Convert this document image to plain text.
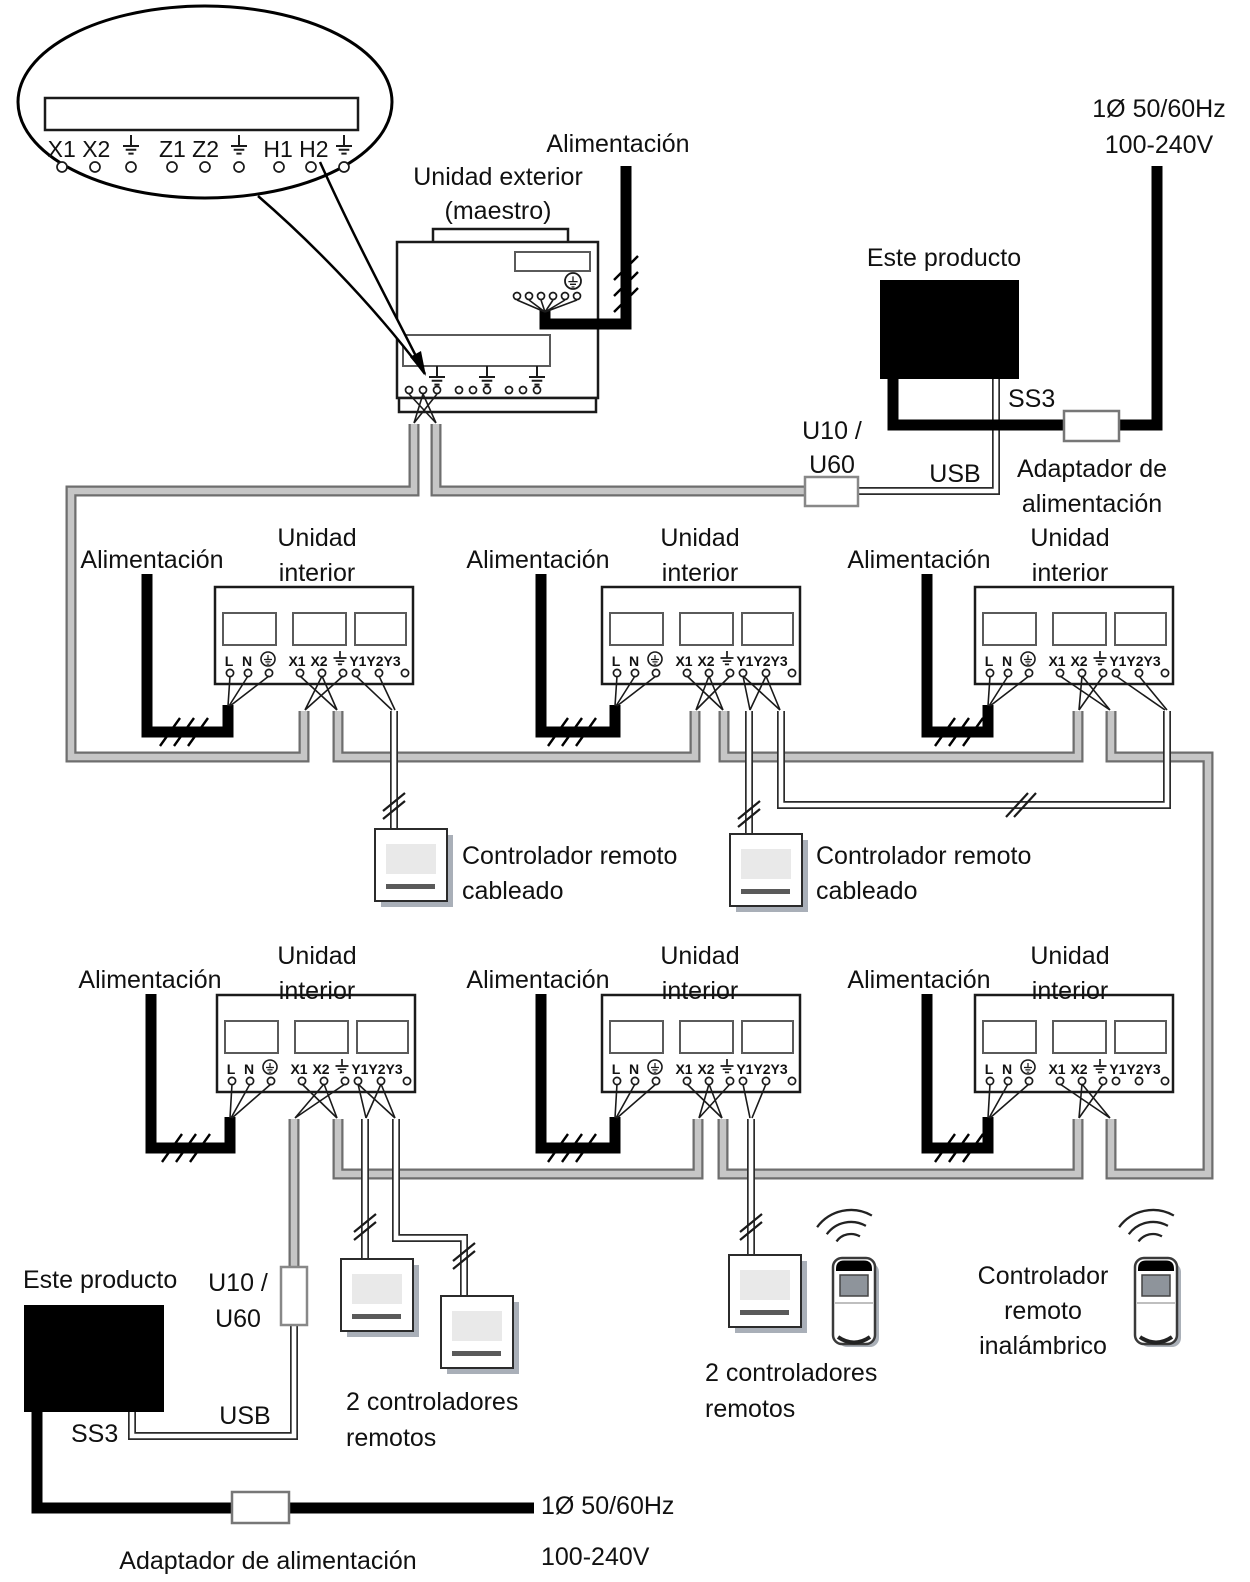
L
X1 X2 Z1 Z2 H1 H2	Alimentación
Unidad exterior
(maestro)
Este producto
1Ø 50/60Hz
100-240V
SS3
U10 /
U60	USB Adaptador de
alimentación
Alimentación	Alimentación	Alimentación
Unidad
interior
Unidad
interior
Unidad
interior
Controlador remoto
cableado
Controlador remoto
cableado
Alimentación	Alimentación	Alimentación
Unidad
interior
Unidad
interior
Unidad
interior
Este producto U10 /
U60
USB
SS3
2 controladores
remotos
2 controladores
remotos
Controlador
remoto
inalámbrico
1Ø 50/60Hz
100-240V
Adaptador de alimentación
